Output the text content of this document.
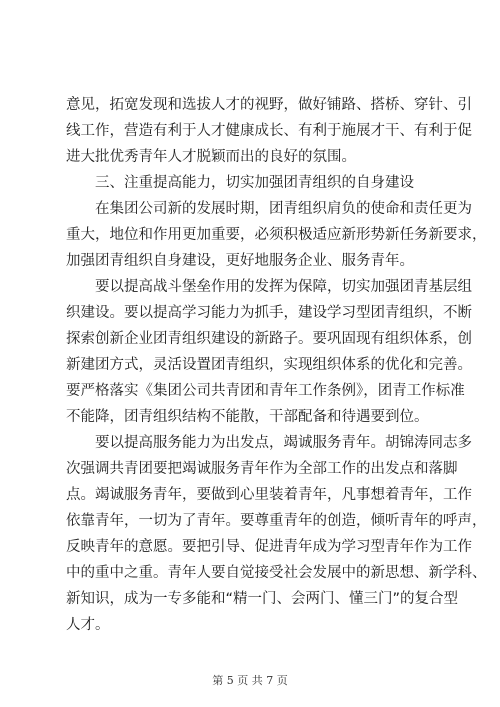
意见，拓宽发现和选拔人才的视野，做好铺路、搭桥、穿针、引
线工作，营造有利于人才健康成长、有利于施展才干、有利于促
进大批优秀青年人才脱颖而出的良好的氛围。
三、注重提高能力，切实加强团青组织的自身建设
在集团公司新的发展时期，团青组织肩负的使命和责任更为
重大，地位和作用更加重要，必须积极适应新形势新任务新要求，
加强团青组织自身建设，更好地服务企业、服务青年。
要以提高战斗堡垒作用的发挥为保障，切实加强团青基层组
织建设。要以提高学习能力为抓手，建设学习型团青组织，不断
探索创新企业团青组织建设的新路子。要巩固现有组织体系，创
新建团方式，灵活设置团青组织，实现组织体系的优化和完善。
要严格落实《集团公司共青团和青年工作条例》，团青工作标准
不能降，团青组织结构不能散，干部配备和待遇要到位。
要以提高服务能力为出发点，竭诚服务青年。胡锦涛同志多
次强调共青团要把竭诚服务青年作为全部工作的出发点和落脚
点。竭诚服务青年，要做到心里装着青年，凡事想着青年，工作
依靠青年，一切为了青年。要尊重青年的创造，倾听青年的呼声，
反映青年的意愿。要把引导、促进青年成为学习型青年作为工作
中的重中之重。青年人要自觉接受社会发展中的新思想、新学科、
新知识，成为一专多能和“精一门、会两门、懂三门”的复合型
人才。
第 5 页 共 7 页
